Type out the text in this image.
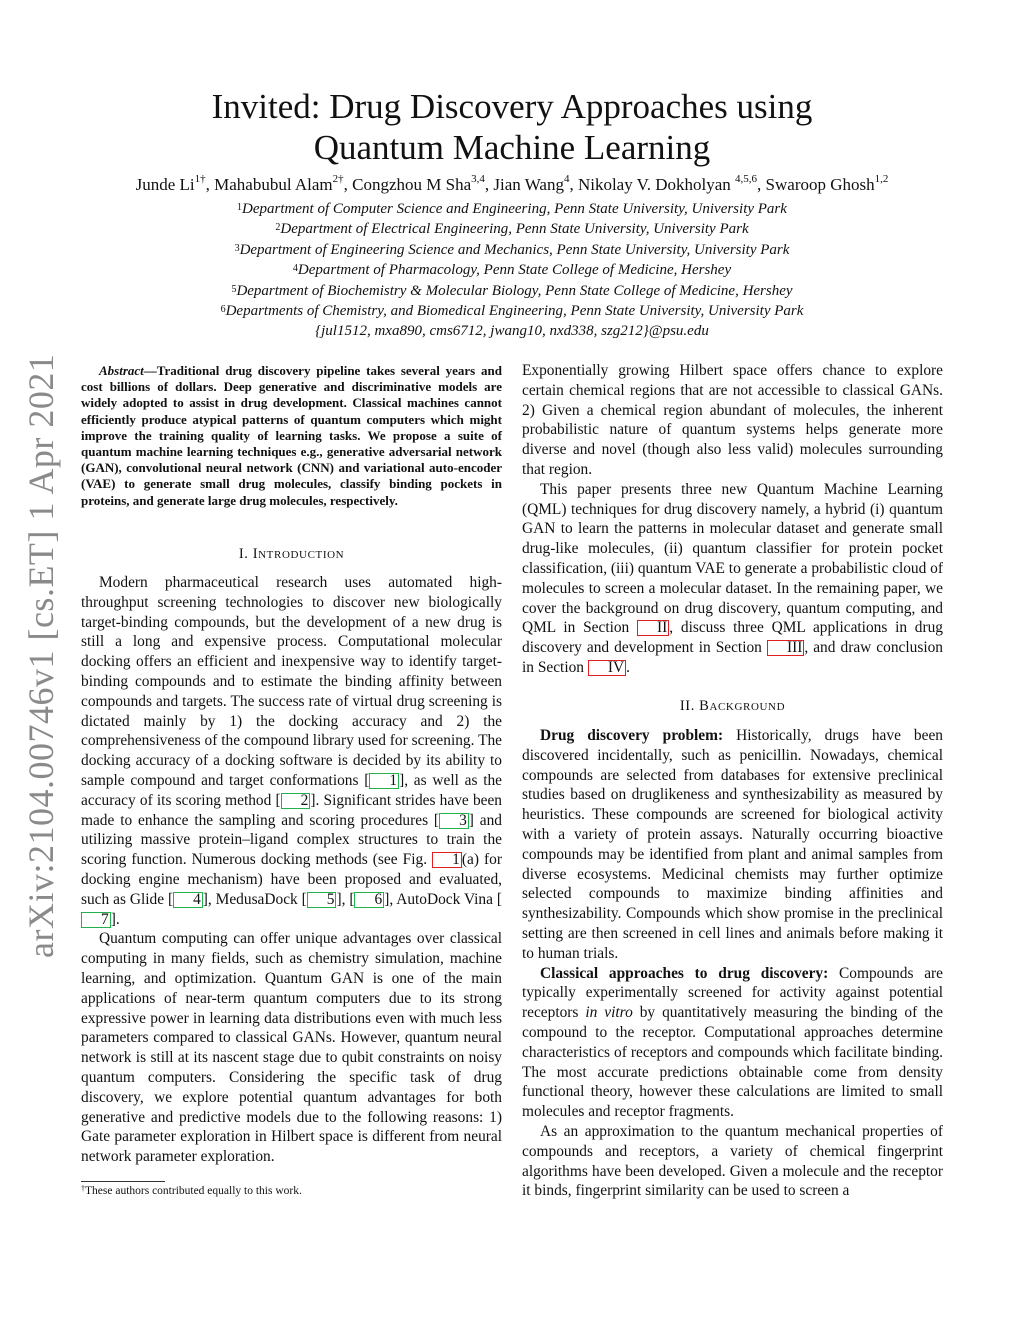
arXiv:2104.00746v1 [cs.ET] 1 Apr 2021
Invited: Drug Discovery Approaches using
Quantum Machine Learning
Junde $Li^{1\dagger}$, Mahabubul Alam$^{2\dagger}$, Congzhou M Sha$^{3,4}$, Jian Wang$^4$, Nikolay V. Dokholyan $^{4,5,6}$, Swaroop Ghosh$^{1,2}$
$^1$Department of Computer Science and Engineering, Penn State University, University Park
$^2$Department of Electrical Engineering, Penn State University, University Park
$^3$Department of Engineering Science and Mechanics, Penn State University, University Park
$^4$Department of Pharmacology, Penn State College of Medicine, Hershey
$^5$Department of Biochemistry & Molecular Biology, Penn State College of Medicine, Hershey
$^6$Departments of Chemistry, and Biomedical Engineering, Penn State University, University Park
{jul1512, mxa890, cms6712, jwang10, nxd338, szg212}@psu.edu
Abstract—Traditional drug discovery pipeline takes several years and cost billions of dollars. Deep generative and discriminative models are widely adopted to assist in drug development. Classical machines cannot efficiently produce atypical patterns of quantum computers which might improve the training quality of learning tasks. We propose a suite of quantum machine learning techniques e.g., generative adversarial network (GAN), convolutional neural network (CNN) and variational auto-encoder (VAE) to generate small drug molecules, classify binding pockets in proteins, and generate large drug molecules, respectively.
I. INTRODUCTION

Modern pharmaceutical research uses automated high-throughput screening technologies to discover new biologically target-binding compounds, but the development of a new drug is still a long and expensive process. Computational molecular docking offers an efficient and inexpensive way to identify target-binding compounds and to estimate the binding affinity between compounds and targets. The success rate of virtual drug screening is dictated mainly by 1) the docking accuracy and 2) the comprehensiveness of the compound library used for screening. The docking accuracy of a docking software is decided by its ability to sample compound and target conformations [ 1 ], as well as the accuracy of its scoring method [ 2 ]. Significant strides have been made to enhance the sampling and scoring procedures [ 3 ] and utilizing massive protein–ligand complex structures to train the scoring function. Numerous docking methods (see Fig. 1 (a) for docking engine mechanism) have been proposed and evaluated, such as Glide [ 4 ], MedusaDock [ 5 ], [ 6 ], AutoDock Vina [7 ].

Quantum computing can offer unique advantages over classical computing in many fields, such as chemistry simulation, machine learning, and optimization. Quantum GAN is one of the main applications of near-term quantum computers due to its strong expressive power in learning data distributions even with much less parameters compared to classical GANs. However, quantum neural network is still at its nascent stage due to qubit constraints on noisy quantum computers. Considering the specific task of drug discovery, we explore potential quantum advantages for both generative and predictive models due to the following reasons: 1) Gate parameter exploration in Hilbert space is different from neural network parameter exploration.

†These authors contributed equally to this work.

Exponentially growing Hilbert space offers chance to explore certain chemical regions that are not accessible to classical GANs. 2) Given a chemical region abundant of molecules, the inherent probabilistic nature of quantum systems helps generate more diverse and novel (though also less valid) molecules surrounding that region.

This paper presents three new Quantum Machine Learning (QML) techniques for drug discovery namely, a hybrid (i) quantum GAN to learn the patterns in molecular dataset and generate small drug-like molecules, (ii) quantum classifier for protein pocket classification, (iii) quantum VAE to generate a probabilistic cloud of molecules to screen a molecular dataset. In the remaining paper, we cover the background on drug discovery, quantum computing, and QML in Section II , discuss three QML applications in drug discovery and development in Section III , and draw conclusion in Section IV .

II. BACKGROUND

Drug discovery problem: Historically, drugs have been discovered incidentally, such as penicillin. Nowadays, chemical compounds are selected from databases for extensive preclinical studies based on druglikeness and synthesizability as measured by heuristics. These compounds are screened for biological activity with a variety of protein assays. Naturally occurring bioactive compounds may be identified from plant and animal samples from diverse ecosystems. Medicinal chemists may further optimize selected compounds to maximize binding affinities and synthesizability. Compounds which show promise in the preclinical setting are then screened in cell lines and animals before making it to human trials.

Classical approaches to drug discovery: Compounds are typically experimentally screened for activity against potential receptors in vitro by quantitatively measuring the binding of the compound to the receptor. Computational approaches determine characteristics of receptors and compounds which facilitate binding. The most accurate predictions obtainable come from density functional theory, however these calculations are limited to small molecules and receptor fragments.

As an approximation to the quantum mechanical properties of compounds and receptors, a variety of chemical fingerprint algorithms have been developed. Given a molecule and the receptor it binds, fingerprint similarity can be used to screen a
